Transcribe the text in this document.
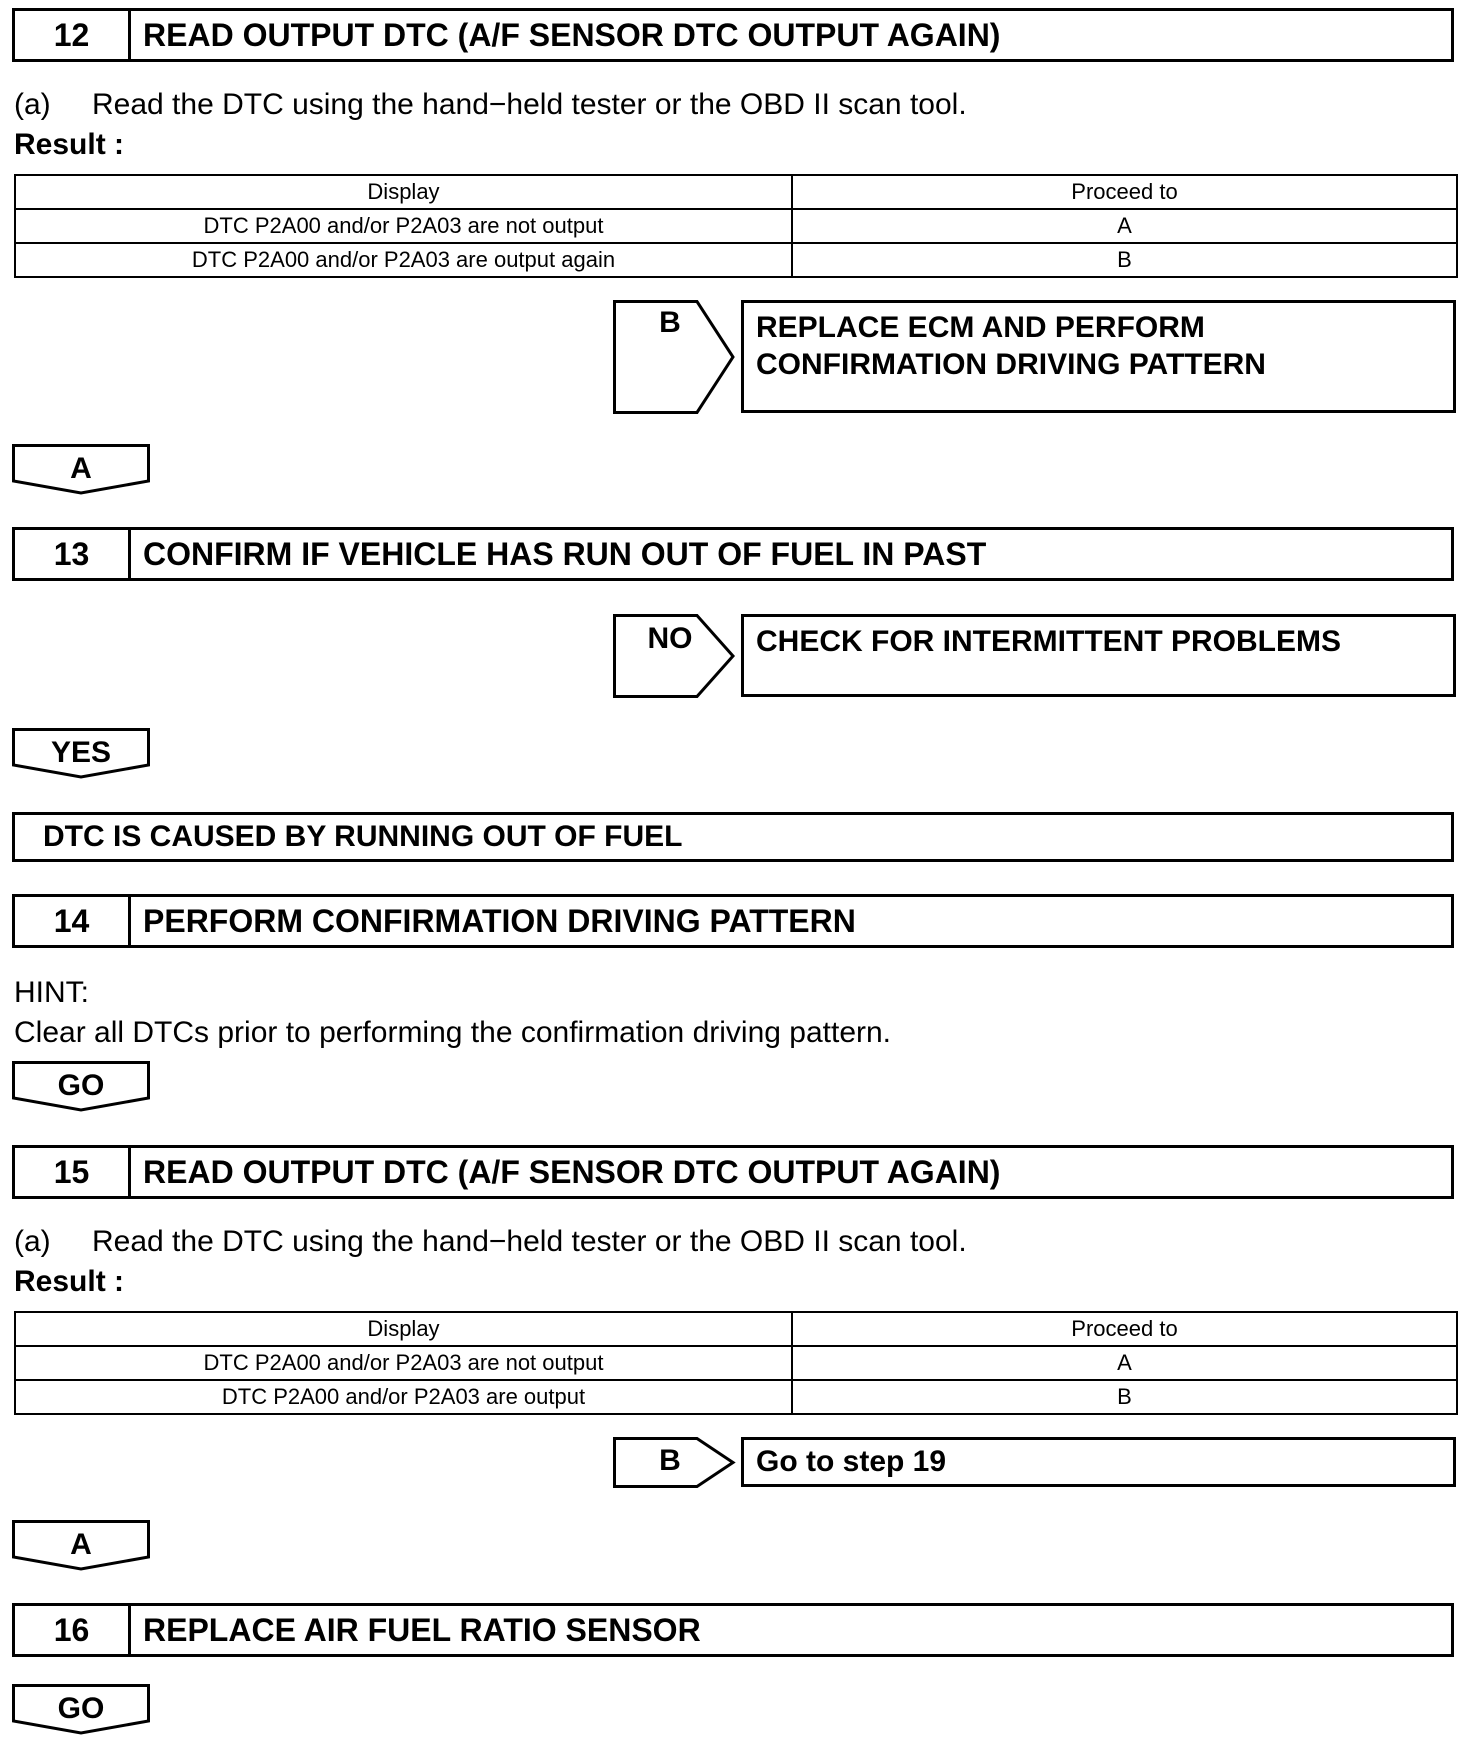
12	READ OUTPUT DTC (A/F SENSOR DTC OUTPUT AGAIN)
(a) Read the DTC using the hand−held tester or the OBD II scan tool.
Result :
Display	Proceed to
DTC P2A00 and/or P2A03 are not output	A
DTC P2A00 and/or P2A03 are output again	B
B	REPLACE ECM AND PERFORM
CONFIRMATION DRIVING PATTERN
A
13	CONFIRM IF VEHICLE HAS RUN OUT OF FUEL IN PAST
NO	CHECK FOR INTERMITTENT PROBLEMS
YES
DTC IS CAUSED BY RUNNING OUT OF FUEL
14	PERFORM CONFIRMATION DRIVING PATTERN
HINT:
Clear all DTCs prior to performing the confirmation driving pattern.
GO
15	READ OUTPUT DTC (A/F SENSOR DTC OUTPUT AGAIN)
(a) Read the DTC using the hand−held tester or the OBD II scan tool.
Result :
Display	Proceed to
DTC P2A00 and/or P2A03 are not output	A
DTC P2A00 and/or P2A03 are output	B
B	Go to step 19
A
16	REPLACE AIR FUEL RATIO SENSOR
GO
